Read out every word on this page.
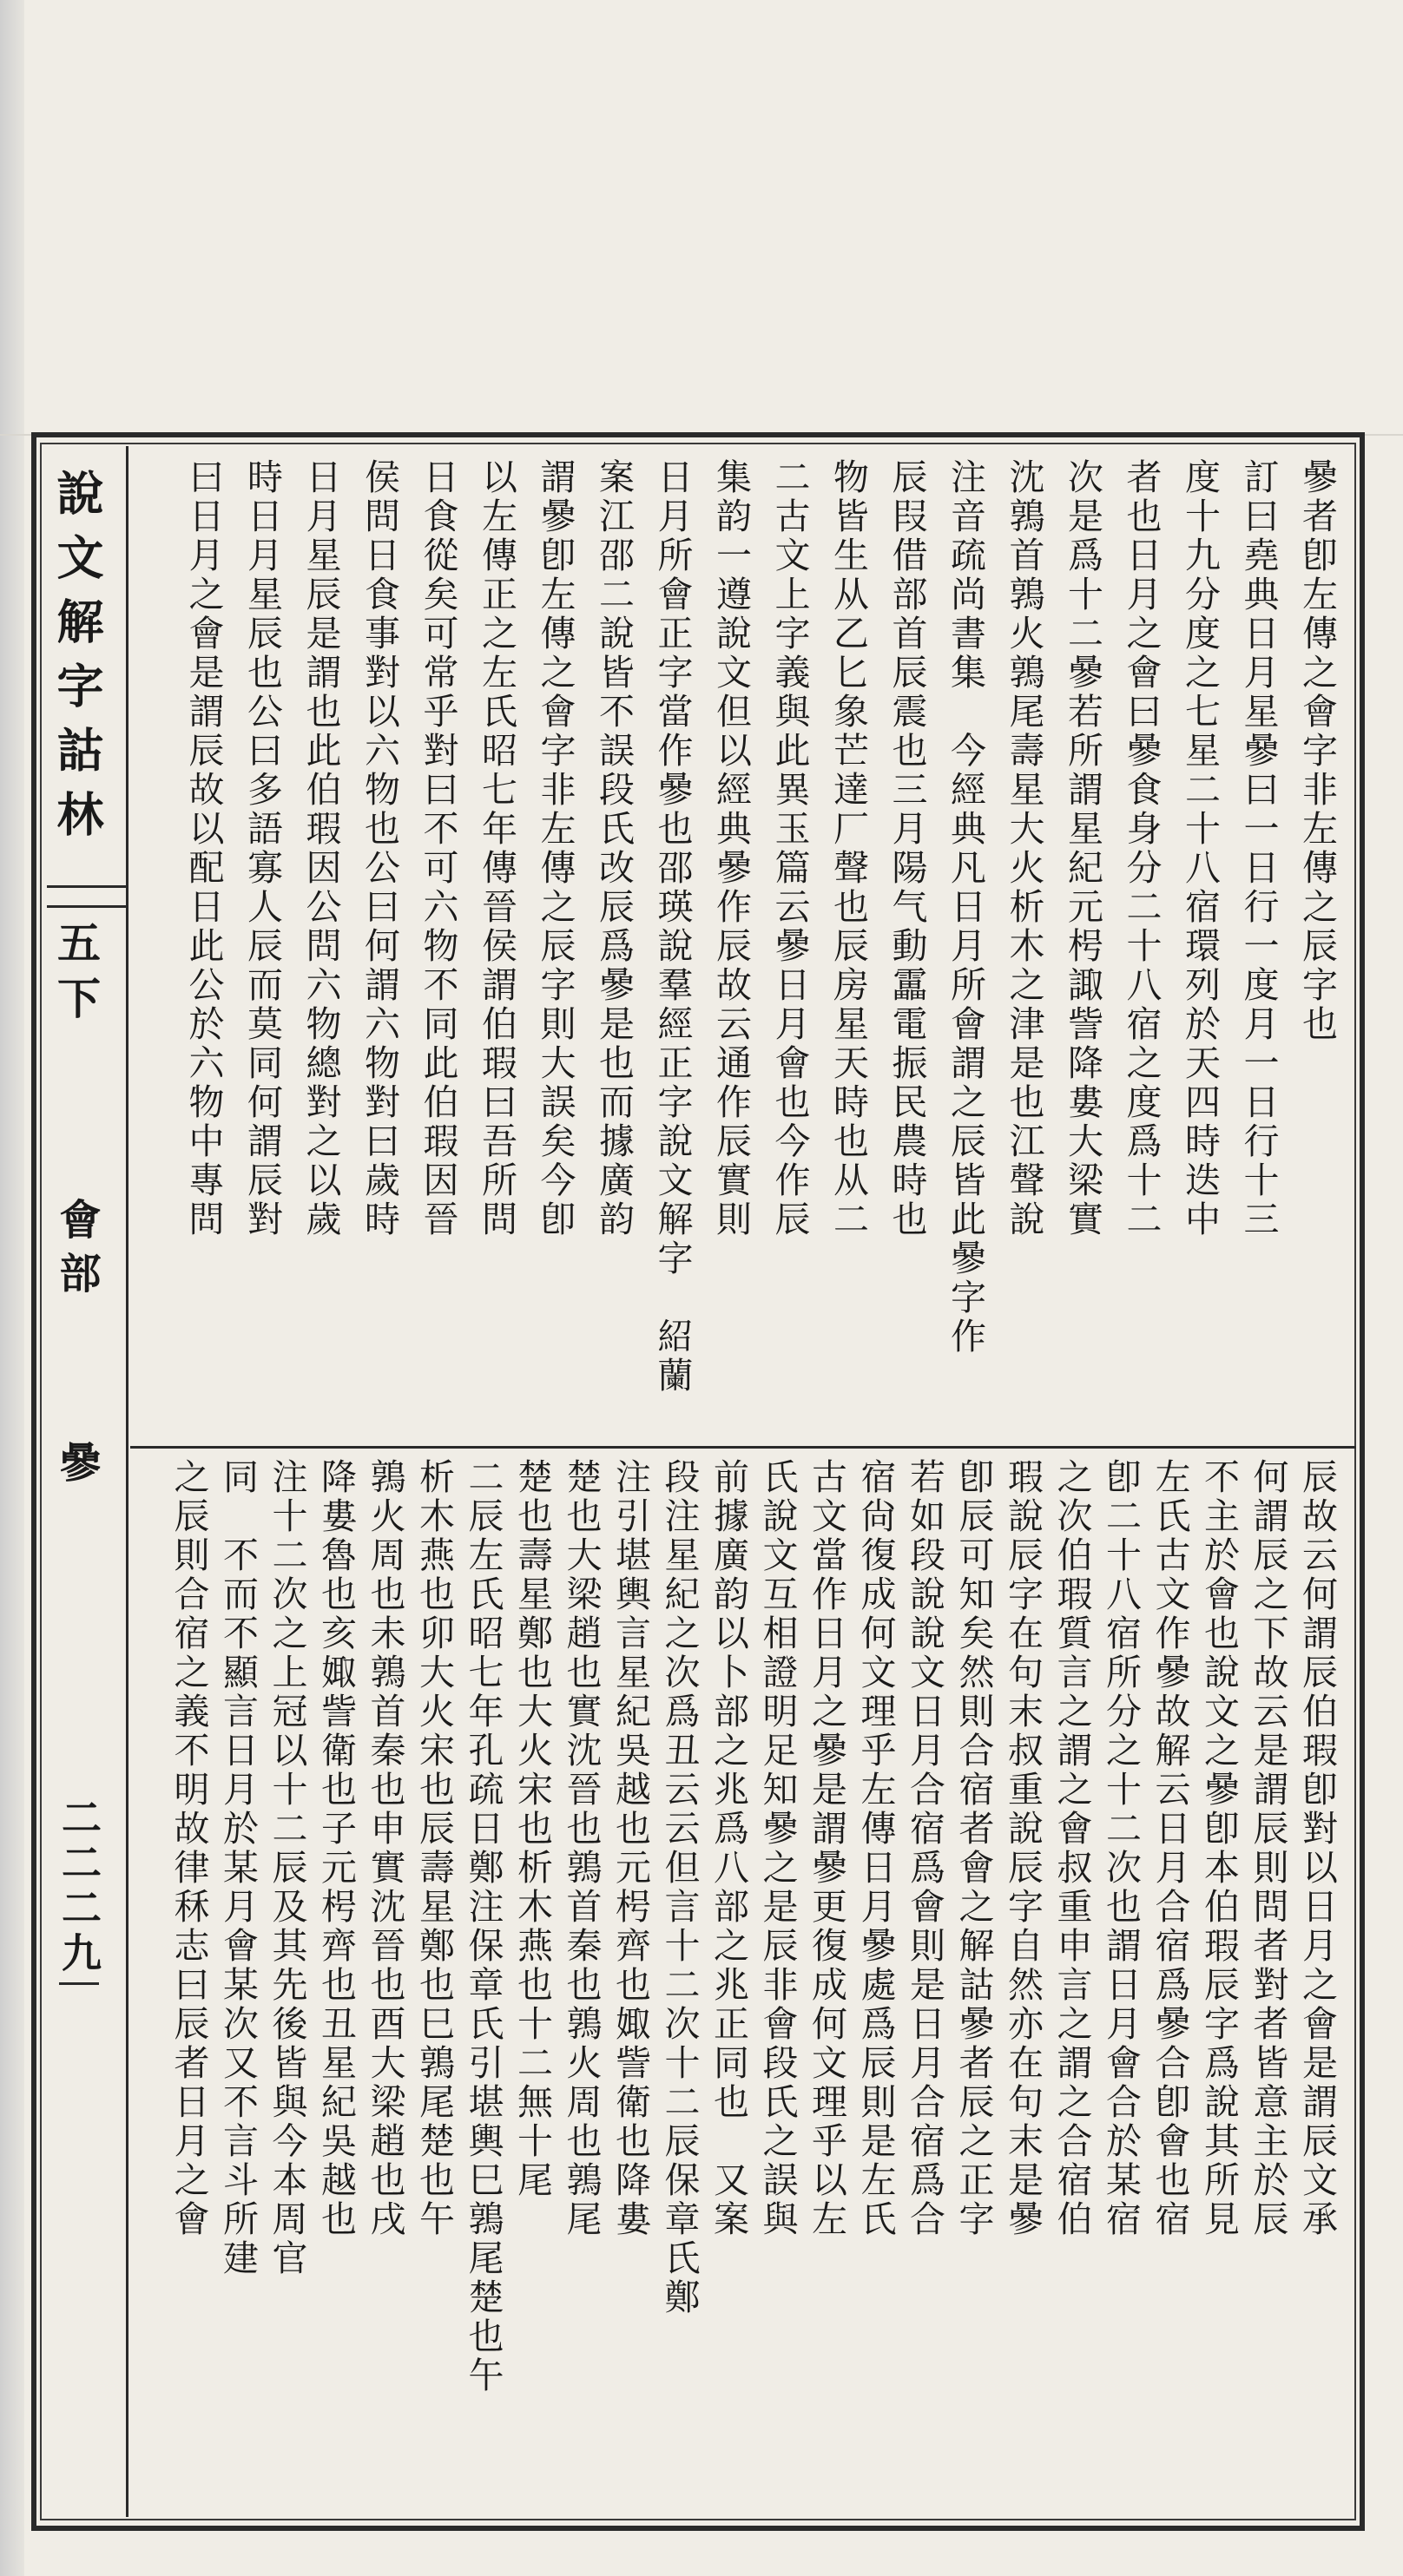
說文解字詁林
五下
會部
曑
二二二九
曑者卽左傳之會字非左傳之辰字也
訂曰堯典日月星曑曰一日行一度月一日行十三
度十九分度之七星二十八宿環列於天四時迭中
者也日月之會曰曑食身分二十八宿之度爲十二
次是爲十二曑若所謂星紀元枵諏訾降婁大梁實
沈鶉首鶉火鶉尾壽星大火析木之津是也江聲說
注音疏尚書集　今經典凡日月所會謂之辰皆此曑字作
辰叚借部首辰震也三月陽气動靁電振民農時也
物皆生从乙匕象芒達厂聲也辰房星天時也从二
二古文上字義與此異玉篇云曑日月會也今作辰
集韵一遵說文但以經典曑作辰故云通作辰實則
日月所會正字當作曑也邵瑛說羣經正字說文解字　紹蘭
案江邵二說皆不誤段氏改辰爲曑是也而據廣韵
謂曑卽左傳之會字非左傳之辰字則大誤矣今卽
以左傳正之左氏昭七年傳晉侯謂伯瑕曰吾所問
日食從矣可常乎對曰不可六物不同此伯瑕因晉
侯問日食事對以六物也公曰何謂六物對曰歲時
日月星辰是謂也此伯瑕因公問六物總對之以歲
時日月星辰也公曰多語寡人辰而莫同何謂辰對
曰日月之會是謂辰故以配日此公於六物中專問
辰故云何謂辰伯瑕卽對以日月之會是謂辰文承
何謂辰之下故云是謂辰則問者對者皆意主於辰
不主於會也說文之曑卽本伯瑕辰字爲說其所見
左氏古文作曑故解云日月合宿爲曑合卽會也宿
卽二十八宿所分之十二次也謂日月會合於某宿
之次伯瑕質言之謂之會叔重申言之謂之合宿伯
瑕說辰字在句末叔重說辰字自然亦在句末是曑
卽辰可知矣然則合宿者會之解詁曑者辰之正字
若如段說說文日月合宿爲會則是日月合宿爲合
宿尙復成何文理乎左傳日月曑處爲辰則是左氏
古文當作日月之曑是謂曑更復成何文理乎以左
氏說文互相證明足知曑之是辰非會段氏之誤與
前據廣韵以卜部之兆爲八部之兆正同也　又案
段注星紀之次爲丑云云但言十二次十二辰保章氏鄭
注引堪輿言星紀吳越也元枵齊也娵訾衛也降婁
楚也大梁趙也實沈晉也鶉首秦也鶉火周也鶉尾
楚也壽星鄭也大火宋也析木燕也十二無十尾
二辰左氏昭七年孔疏日鄭注保章氏引堪輿巳鶉尾楚也午
析木燕也卯大火宋也辰壽星鄭也巳鶉尾楚也午
鶉火周也未鶉首秦也申實沈晉也酉大梁趙也戌
降婁魯也亥娵訾衛也子元枵齊也丑星紀吳越也
注十二次之上冠以十二辰及其先後皆與今本周官
同　不而不顯言日月於某月會某次又不言斗所建
之辰則合宿之義不明故律秝志曰辰者日月之會
